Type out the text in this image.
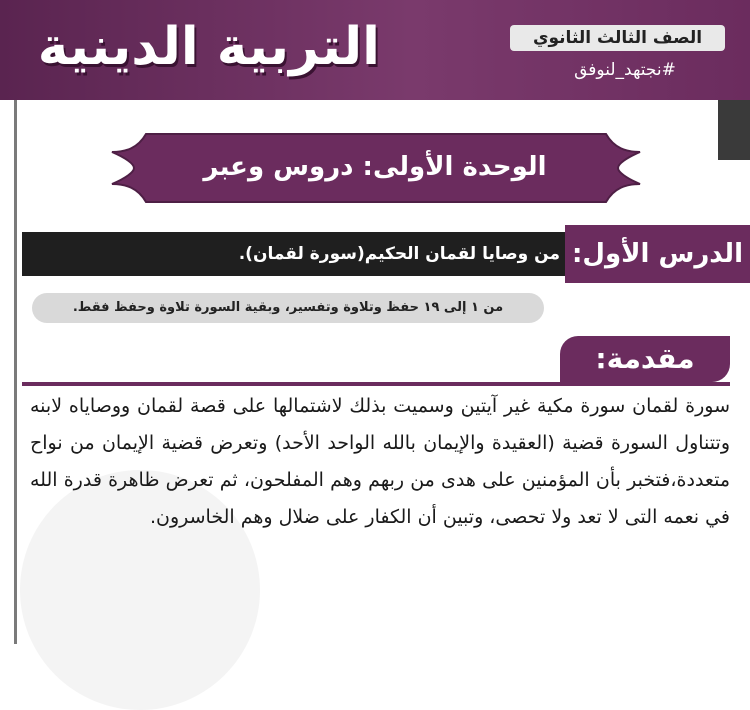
التربية الدينية	الصف الثالث الثانوي
#نجتهد_لنوفق
الوحدة الأولى: دروس وعبر
من وصايا لقمان الحكيم(سورة لقمان). الدرس الأول:
من ١ إلى ١٩ حفظ وتلاوة وتفسير، وبقية السورة تلاوة وحفظ فقط.
مقدمة:
سورة لقمان سورة مكية غير آيتين وسميت بذلك لاشتمالها على قصة لقمان ووصاياه لابنه وتتناول السورة قضية (العقيدة والإيمان بالله الواحد الأحد) وتعرض قضية الإيمان من نواح متعددة،فتخبر بأن المؤمنين على هدى من ربهم وهم المفلحون، ثم تعرض ظاهرة قدرة الله في نعمه التى لا تعد ولا تحصى، وتبين أن الكفار على ضلال وهم الخاسرون.
